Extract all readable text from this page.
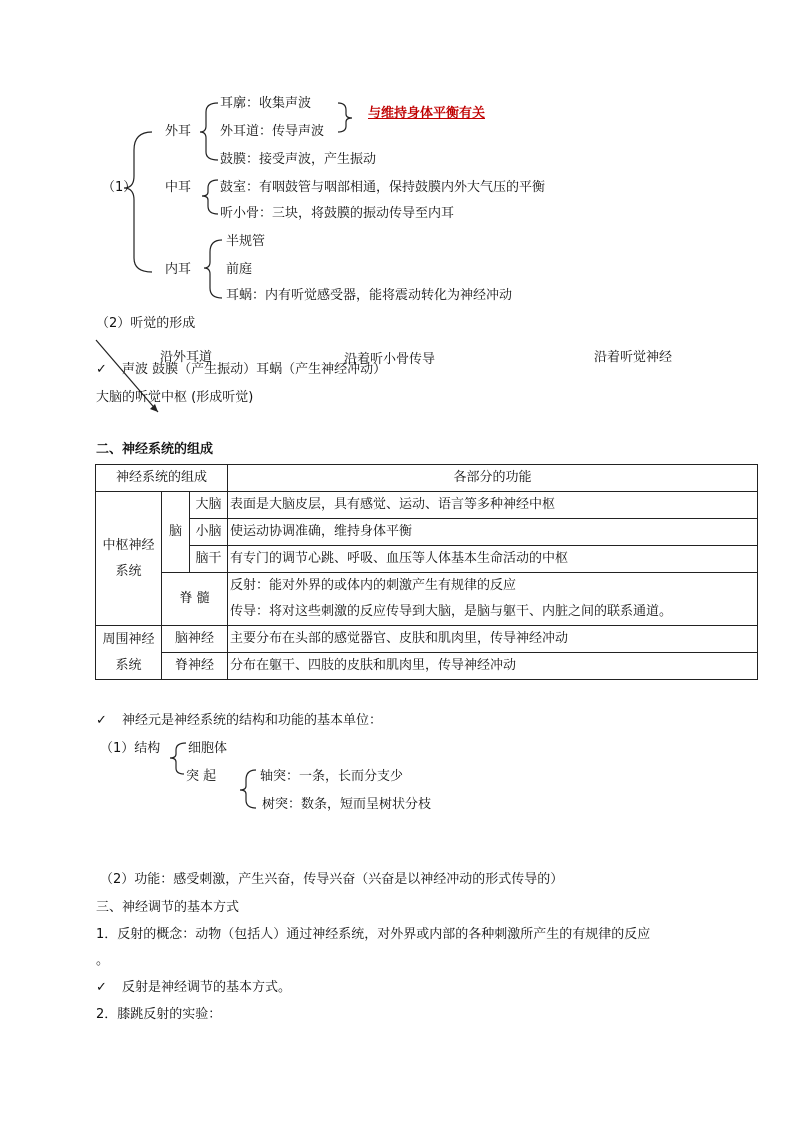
（1）
外耳
耳廓：收集声波
外耳道：传导声波
鼓膜：接受声波，产生振动
与维持身体平衡有关
中耳 鼓室：有咽鼓管与咽部相通，保持鼓膜内外大气压的平衡
听小骨：三块，将鼓膜的振动传导至内耳
内耳
半规管
前庭
耳蜗：内有听觉感受器，能将震动转化为神经冲动
（2）听觉的形成
沿外耳道	沿着听小骨传导	沿着听觉神经
✓ 声波 鼓膜（产生振动）耳蜗（产生神经冲动）
大脑的听觉中枢 (形成听觉)
二、神经系统的组成
神经系统的组成			各部分的功能
中枢神经系统	脑	大脑	表面是大脑皮层，具有感觉、运动、语言等多种神经中枢
		小脑	使运动协调准确，维持身体平衡
		脑干	有专门的调节心跳、呼吸、血压等人体基本生命活动的中枢
	脊 髓		反射：能对外界的或体内的刺激产生有规律的反应
传导：将对这些刺激的反应传导到大脑，是脑与躯干、内脏之间的联系通道。

周围神经系统	脑神经		主要分布在头部的感觉器官、皮肤和肌肉里，传导神经冲动
	脊神经		分布在躯干、四肢的皮肤和肌肉里，传导神经冲动
✓ 神经元是神经系统的结构和功能的基本单位：
（1）结构 细胞体
突 起	轴突：一条，长而分支少
树突：数条，短而呈树状分枝
（2）功能：感受刺激，产生兴奋，传导兴奋（兴奋是以神经冲动的形式传导的）
三、神经调节的基本方式
1．反射的概念：动物（包括人）通过神经系统，对外界或内部的各种刺激所产生的有规律的反应
。
✓ 反射是神经调节的基本方式。
2．膝跳反射的实验：
